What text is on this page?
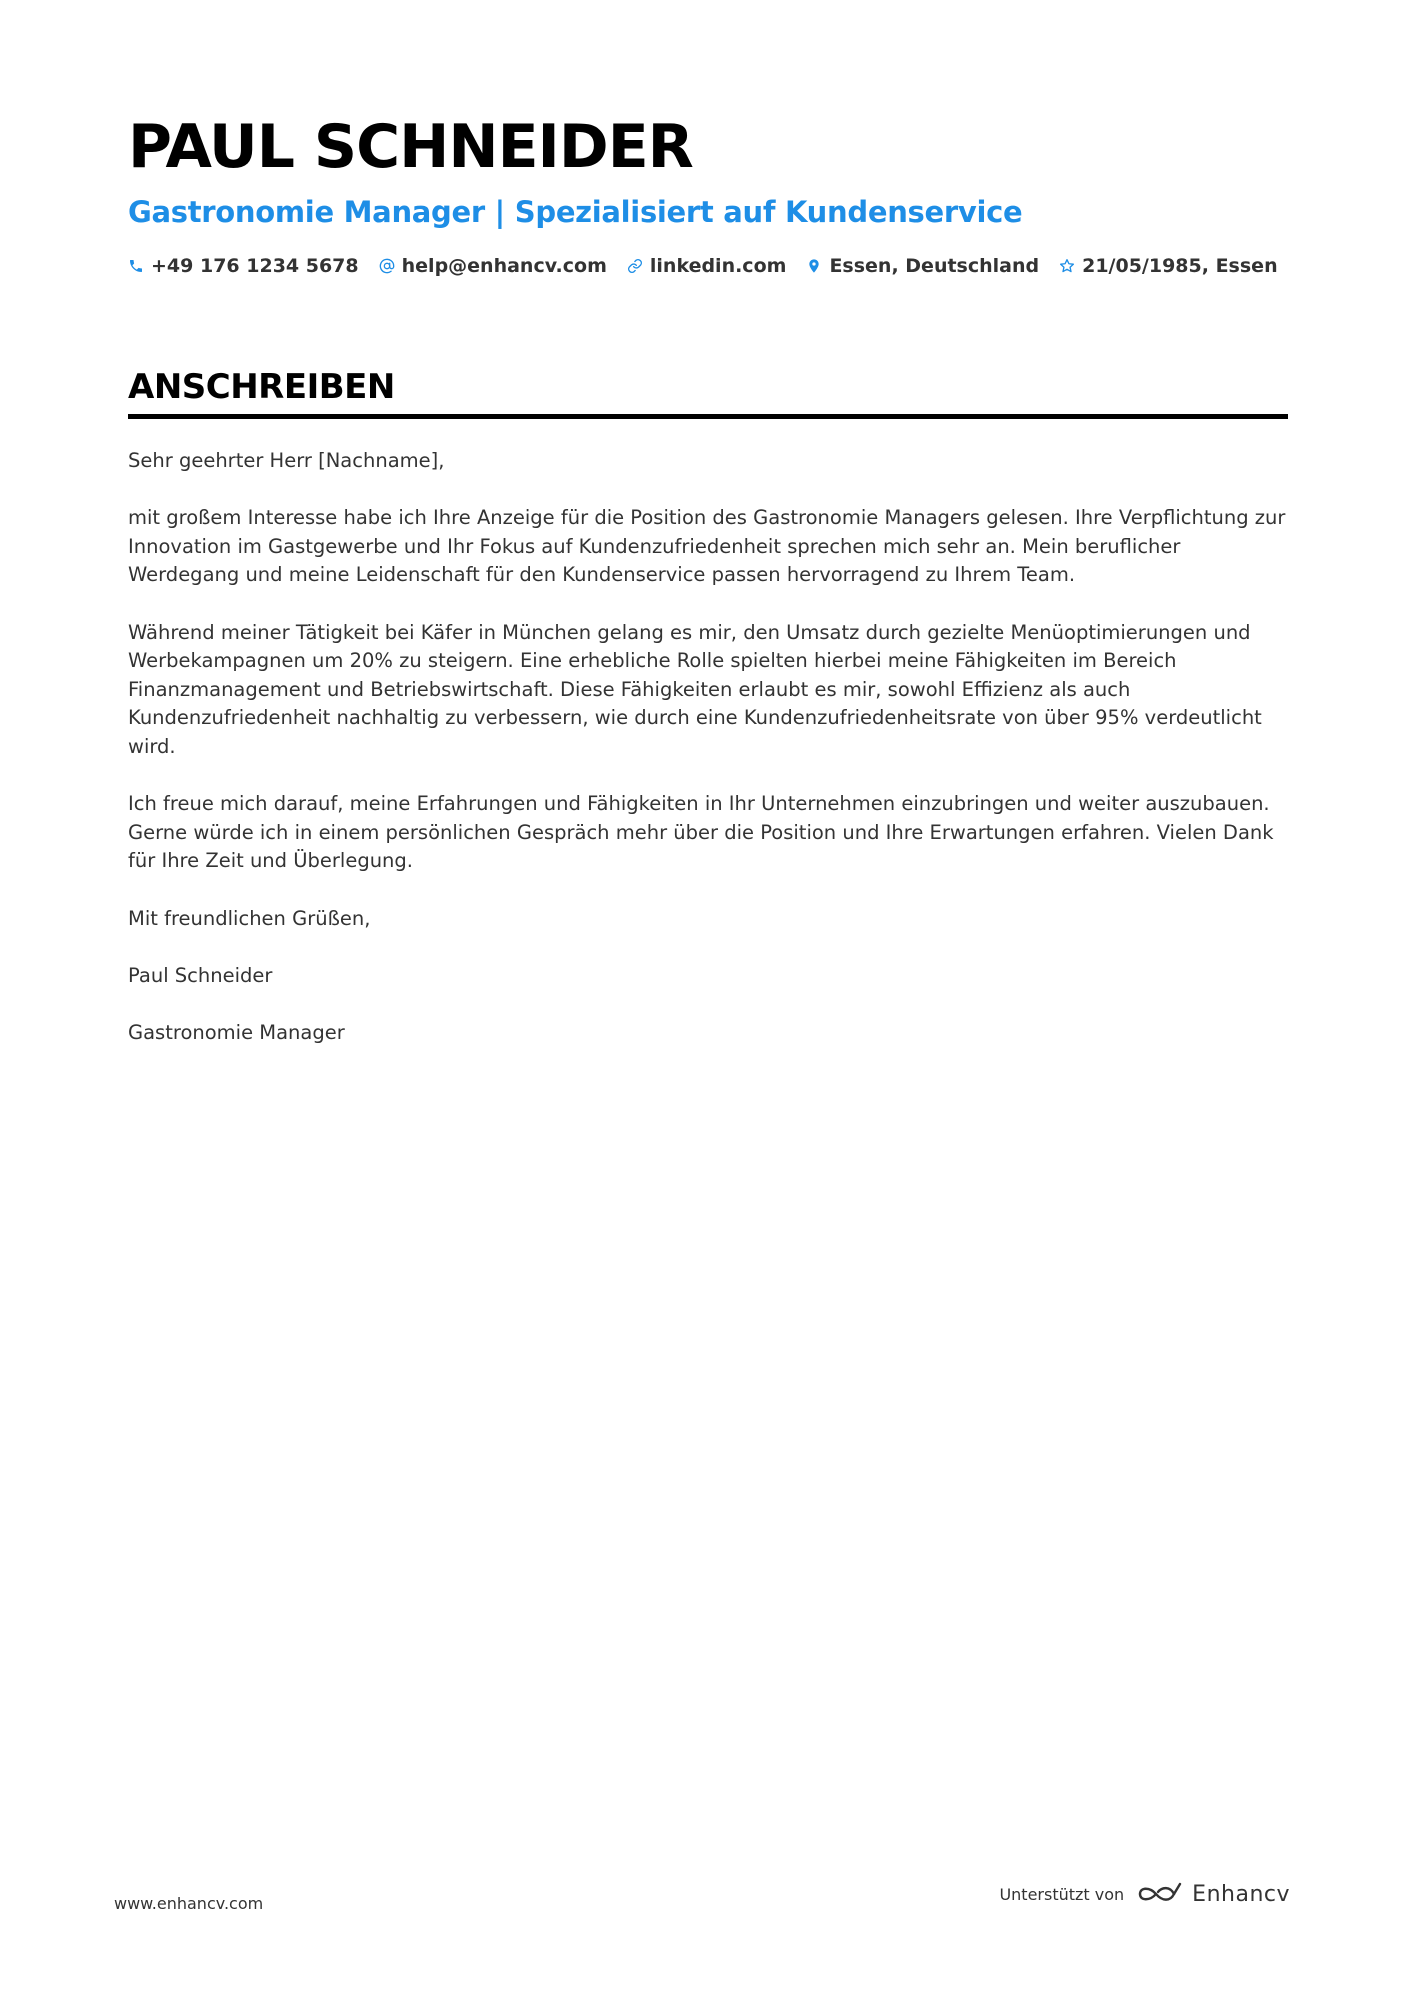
PAUL SCHNEIDER
Gastronomie Manager | Spezialisiert auf Kundenservice
+49 176 1234 5678 help@enhancv.com linkedin.com Essen, Deutschland 21/05/1985, Essen
ANSCHREIBEN

Sehr geehrter Herr [Nachname],

mit großem Interesse habe ich Ihre Anzeige für die Position des Gastronomie Managers gelesen. Ihre Verpflichtung zur Innovation im Gastgewerbe und Ihr Fokus auf Kundenzufriedenheit sprechen mich sehr an. Mein beruflicher Werdegang und meine Leidenschaft für den Kundenservice passen hervorragend zu Ihrem Team.

Während meiner Tätigkeit bei Käfer in München gelang es mir, den Umsatz durch gezielte Menüoptimierungen und Werbekampagnen um 20% zu steigern. Eine erhebliche Rolle spielten hierbei meine Fähigkeiten im Bereich Finanzmanagement und Betriebswirtschaft. Diese Fähigkeiten erlaubt es mir, sowohl Effizienz als auch Kundenzufriedenheit nachhaltig zu verbessern, wie durch eine Kundenzufriedenheitsrate von über 95% verdeutlicht wird.

Ich freue mich darauf, meine Erfahrungen und Fähigkeiten in Ihr Unternehmen einzubringen und weiter auszubauen. Gerne würde ich in einem persönlichen Gespräch mehr über die Position und Ihre Erwartungen erfahren. Vielen Dank für Ihre Zeit und Überlegung.

Mit freundlichen Grüßen,

Paul Schneider

Gastronomie Manager

www.enhancv.com	Unterstützt von	Enhancv
